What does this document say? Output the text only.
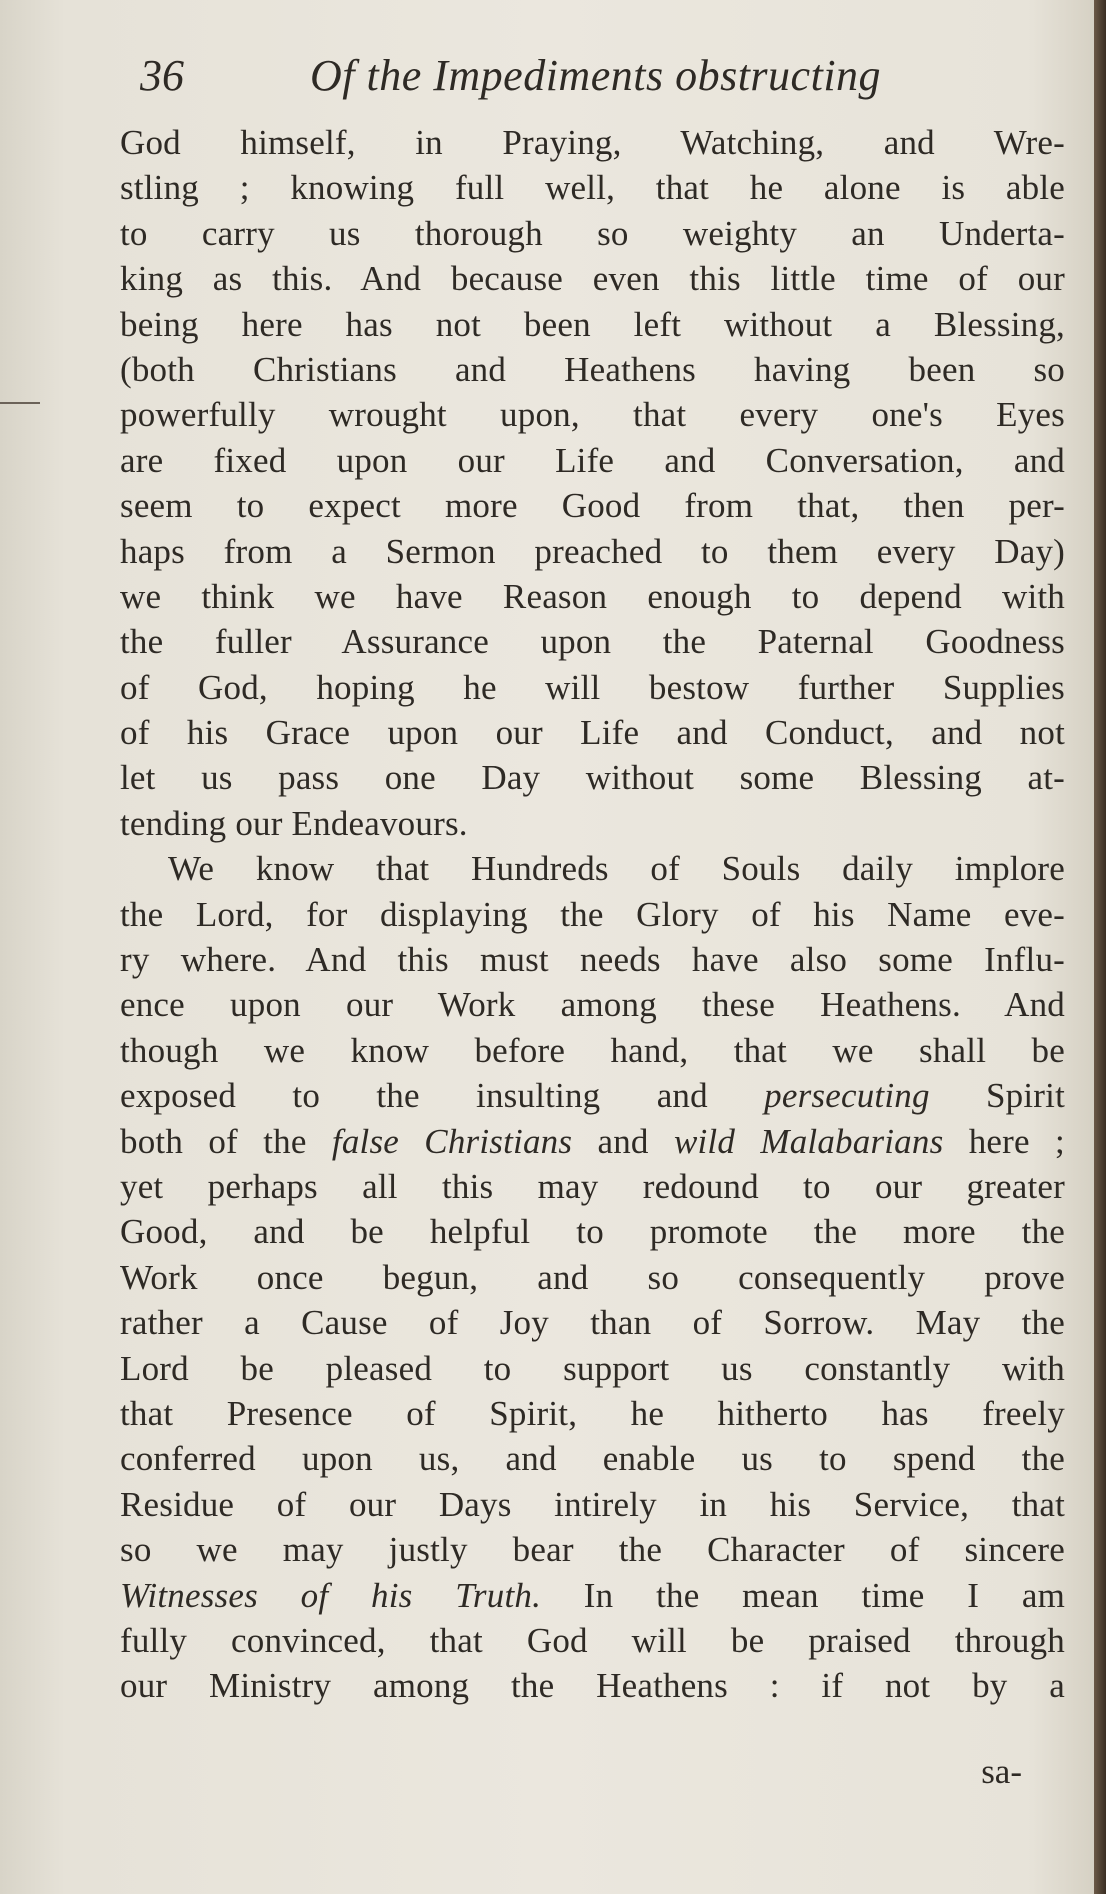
36	Of the Impediments obstructing
God himself, in Praying, Watching, and Wre-
stling ; knowing full well, that he alone is able
to carry us thorough so weighty an Underta-
king as this. And because even this little time of our
being here has not been left without a Blessing,
(both Christians and Heathens having been so
powerfully wrought upon, that every one's Eyes
are fixed upon our Life and Conversation, and
seem to expect more Good from that, then per-
haps from a Sermon preached to them every Day)
we think we have Reason enough to depend with
the fuller Assurance upon the Paternal Goodness
of God, hoping he will bestow further Supplies
of his Grace upon our Life and Conduct, and not
let us pass one Day without some Blessing at-
tending our Endeavours.
We know that Hundreds of Souls daily implore
the Lord, for displaying the Glory of his Name eve-
ry where. And this must needs have also some Influ-
ence upon our Work among these Heathens. And
though we know before hand, that we shall be
exposed to the insulting and persecuting Spirit
both of the false Christians and wild Malabarians here ;
yet perhaps all this may redound to our greater
Good, and be helpful to promote the more the
Work once begun, and so consequently prove
rather a Cause of Joy than of Sorrow. May the
Lord be pleased to support us constantly with
that Presence of Spirit, he hitherto has freely
conferred upon us, and enable us to spend the
Residue of our Days intirely in his Service, that
so we may justly bear the Character of sincere
Witnesses of his Truth. In the mean time I am
fully convinced, that God will be praised through
our Ministry among the Heathens : if not by a
sa-
